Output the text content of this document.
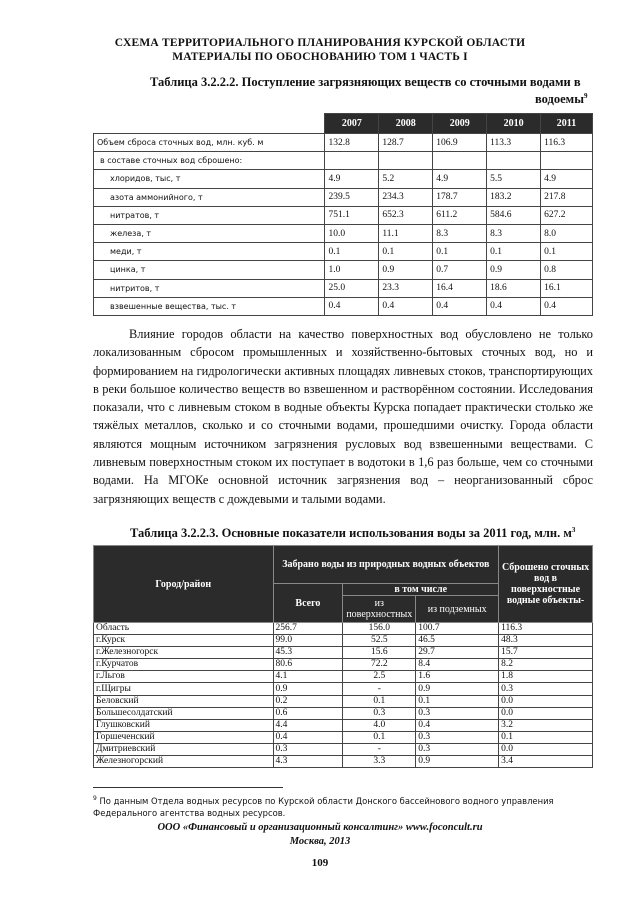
СХЕМА ТЕРРИТОРИАЛЬНОГО ПЛАНИРОВАНИЯ КУРСКОЙ ОБЛАСТИ
МАТЕРИАЛЫ ПО ОБОСНОВАНИЮ ТОМ 1 ЧАСТЬ I
Таблица 3.2.2.2. Поступление загрязняющих веществ со сточными водами в
водоемы$^9$
	2007	2008	2009	2010	2011
Объем сброса сточных вод, млн. куб. м	132.8	128.7	106.9	113.3	116.3
в составе сточных вод сброшено:					
хлоридов, тыс, т	4.9	5.2	4.9	5.5	4.9
азота аммонийного, т	239.5	234.3	178.7	183.2	217.8
нитратов, т	751.1	652.3	611.2	584.6	627.2
железа, т	10.0	11.1	8.3	8.3	8.0
меди, т	0.1	0.1	0.1	0.1	0.1
цинка, т	1.0	0.9	0.7	0.9	0.8
нитритов, т	25.0	23.3	16.4	18.6	16.1
взвешенные вещества, тыс. т	0.4	0.4	0.4	0.4	0.4

Влияние городов области на качество поверхностных вод обусловлено не только локализованным сбросом промышленных и хозяйственно-бытовых сточных вод, но и формированием на гидрологически активных площадях ливневых стоков, транспортирующих в реки большое количество веществ во взвешенном и растворённом состоянии. Исследования показали, что с ливневым стоком в водные объекты Курска попадает практически столько же тяжёлых металлов, сколько и со сточными водами, прошедшими очистку. Города области являются мощным источником загрязнения русловых вод взвешенными веществами. С ливневым поверхностным стоком их поступает в водотоки в 1,6 раз больше, чем со сточными водами. На МГОКе основной источник загрязнения вод – неорганизованный сброс загрязняющих веществ с дождевыми и талыми водами.

Таблица 3.2.2.3. Основные показатели использования воды за 2011 год, млн. $м^3$
Город/район	Забрано воды из природных водных объектов			Сброшено сточных вод в поверхностные водные объекты-
	Всего	в том числе		
		из поверхностных	из подземных	
Область	256.7	156.0	100.7	116.3
г.Курск	99.0	52.5	46.5	48.3
г.Железногорск	45.3	15.6	29.7	15.7
г.Курчатов	80.6	72.2	8.4	8.2
г.Льгов	4.1	2.5	1.6	1.8
г.Щигры	0.9	-	0.9	0.3
Беловский	0.2	0.1	0.1	0.0
Большесолдатский	0.6	0.3	0.3	0.0
Глушковский	4.4	4.0	0.4	3.2
Горшеченский	0.4	0.1	0.3	0.1
Дмитриевский	0.3	-	0.3	0.0
Железногорский	4.3	3.3	0.9	3.4
$^9$ По данным Отдела водных ресурсов по Курской области Донского бассейнового водного управления Федерального агентства водных ресурсов.
ООО «Финансовый и организационный консалтинг» www.foconcult.ru
Москва, 2013
109
